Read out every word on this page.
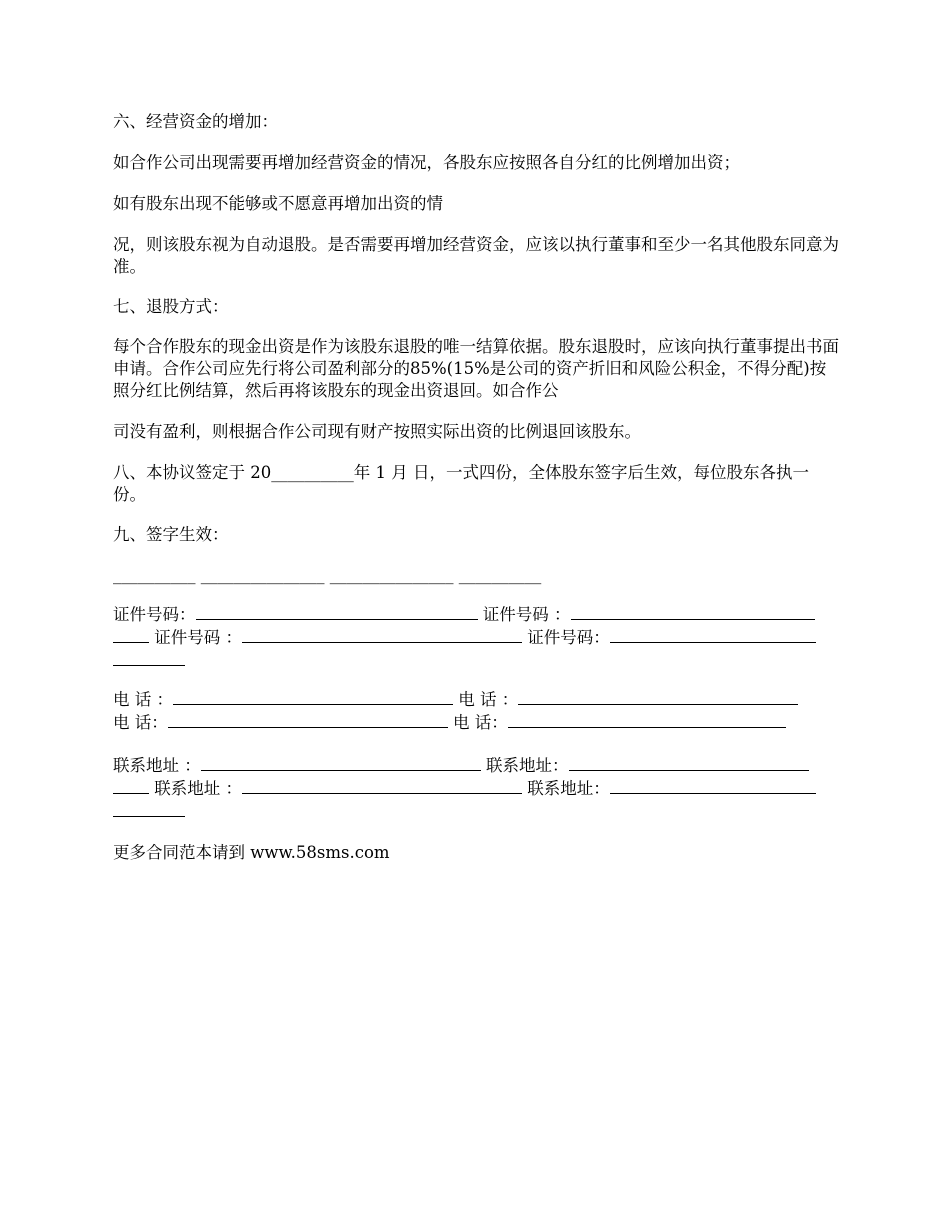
六、经营资金的增加：

如合作公司出现需要再增加经营资金的情况，各股东应按照各自分红的比例增加出资；

如有股东出现不能够或不愿意再增加出资的情

况，则该股东视为自动退股。是否需要再增加经营资金，应该以执行董事和至少一名其他股东同意为准。

七、退股方式：

每个合作股东的现金出资是作为该股东退股的唯一结算依据。股东退股时，应该向执行董事提出书面申请。合作公司应先行将公司盈利部分的85%(15%是公司的资产折旧和风险公积金，不得分配)按照分红比例结算，然后再将该股东的现金出资退回。如合作公

司没有盈利，则根据合作公司现有财产按照实际出资的比例退回该股东。

八、本协议签定于 20__________年 1 月 日，一式四份，全体股东签字后生效，每位股东各执一份。

九、签字生效：

__________ _______________ _______________ __________

证件号码：	证件号码 ：
证件号码 ：	证件号码：
电 话 ：	电 话 ：
电 话：	电 话：
联系地址 ：	联系地址：
联系地址 ：	联系地址：

更多合同范本请到 www.58sms.com
